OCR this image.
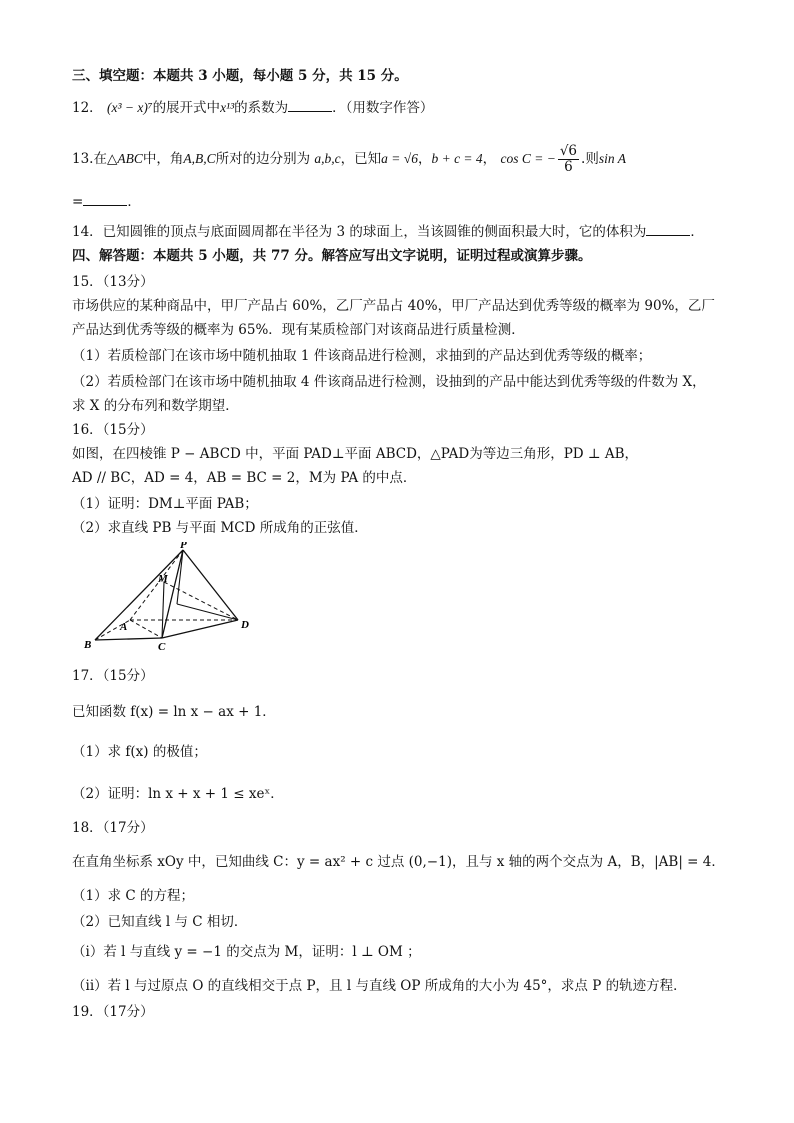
三、填空题：本题共 3 小题，每小题 5 分，共 15 分。
12． (x³ − x)⁷的展开式中x¹³的系数为	．（用数字作答）
13.在△ABC中，角A,B,C所对的边分别为 a,b,c，已知a = √6，b + c = 4， cos C = − $\frac{√6}{6}$ .则sin A
=	．
14．已知圆锥的顶点与底面圆周都在半径为 3 的球面上，当该圆锥的侧面积最大时，它的体积为	．
四、解答题：本题共 5 小题，共 77 分。解答应写出文字说明，证明过程或演算步骤。
15．（13分）
市场供应的某种商品中，甲厂产品占 60%，乙厂产品占 40%，甲厂产品达到优秀等级的概率为 90%，乙厂
产品达到优秀等级的概率为 65%．现有某质检部门对该商品进行质量检测．
（1）若质检部门在该市场中随机抽取 1 件该商品进行检测，求抽到的产品达到优秀等级的概率；
（2）若质检部门在该市场中随机抽取 4 件该商品进行检测，设抽到的产品中能达到优秀等级的件数为 X，
求 X 的分布列和数学期望．
16．（15分）
如图，在四棱锥 P − ABCD 中，平面 PAD⊥平面 ABCD，△PAD为等边三角形，PD ⊥ AB，
AD // BC，AD = 4，AB = BC = 2，M为 PA 的中点．
（1）证明：DM⊥平面 PAB；
（2）求直线 PB 与平面 MCD 所成角的正弦值．
P
M
B
A
C
D
17．（15分）
已知函数 f(x) = ln x − ax + 1．
（1）求 f(x) 的极值；
（2）证明：ln x + x + 1 ≤ xeˣ．
18．（17分）
在直角坐标系 xOy 中，已知曲线 C：y = ax² + c 过点 (0,−1)，且与 x 轴的两个交点为 A，B，|AB| = 4．
（1）求 C 的方程；
（2）已知直线 l 与 C 相切．
（i）若 l 与直线 y = −1 的交点为 M，证明：l ⊥ OM ；
（ii）若 l 与过原点 O 的直线相交于点 P，且 l 与直线 OP 所成角的大小为 45°，求点 P 的轨迹方程．
19．（17分）
